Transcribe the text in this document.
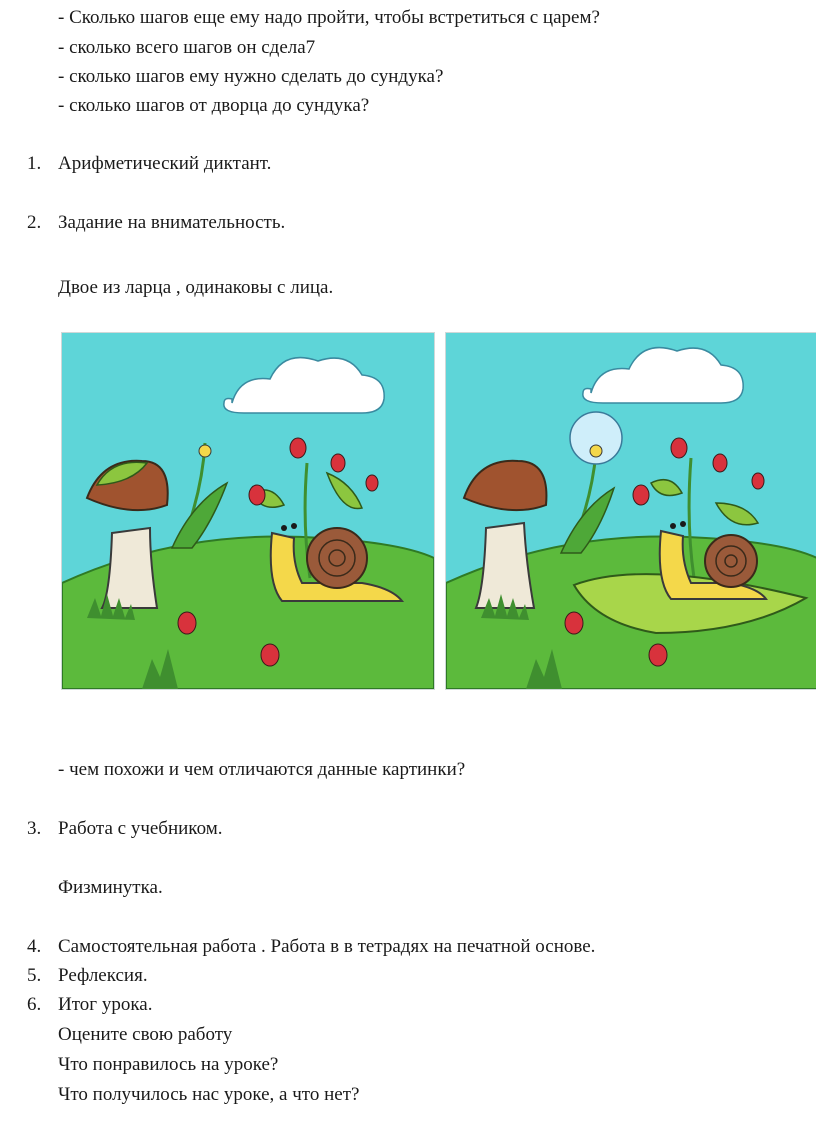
- Сколько шагов еще ему надо пройти, чтобы встретиться с царем?
- сколько всего шагов он сдела7
- сколько шагов ему нужно сделать до сундука?
- сколько шагов от дворца до сундука?
1. Арифметический диктант.
2. Задание на внимательность.
Двое из ларца , одинаковы с лица.
- чем похожи и чем отличаются данные картинки?
3. Работа с учебником.
Физминутка.
4. Самостоятельная работа . Работа в в тетрадях на печатной основе.
5. Рефлексия.
6. Итог урока.
Оцените свою работу
Что понравилось на уроке?
Что получилось нас уроке, а что нет?
